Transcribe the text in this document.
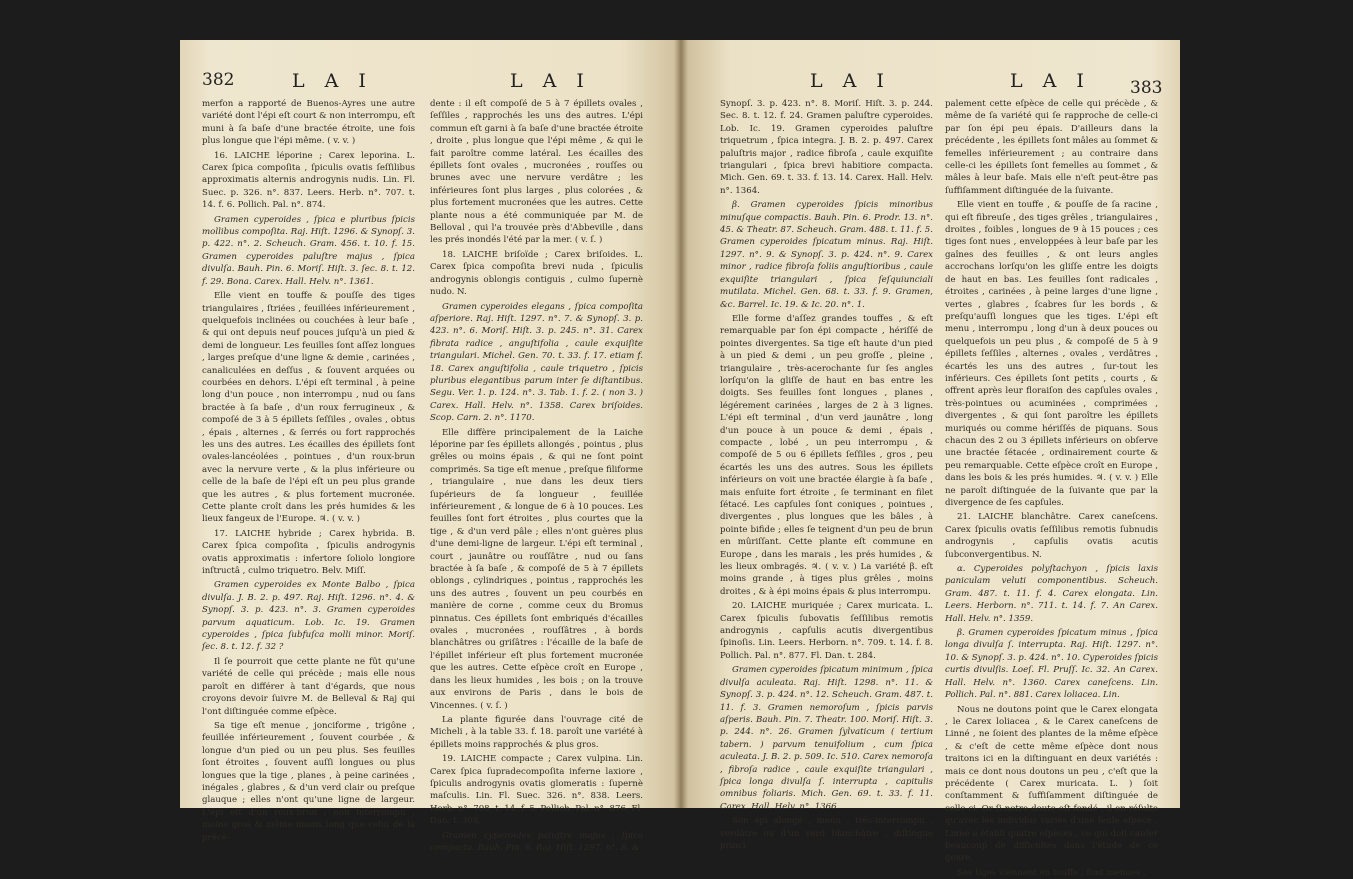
382	L A I	L A I

merfon a rapporté de Buenos-Ayres une autre variété dont l'épi eſt court & non interrompu, eſt muni à ſa baſe d'une bractée étroite, une fois plus longue que l'épi même. ( v. v. )

16. LAICHE léporine ; Carex leporina. L. Carex ſpica compoſita , ſpiculis ovatis ſeſſilibus approximatis alternis androgynis nudis. Lin. Fl. Suec. p. 326. n°. 837. Leers. Herb. n°. 707. t. 14. f. 6. Pollich. Pal. n°. 874.

Gramen cyperoides , ſpica e pluribus ſpicis mollibus compoſita. Raj. Hiſt. 1296. & Synopſ. 3. p. 422. n°. 2. Scheuch. Gram. 456. t. 10. f. 15. Gramen cyperoides paluſtre majus , ſpica divulſa. Bauh. Pin. 6. Moriſ. Hiſt. 3. ſec. 8. t. 12. f. 29. Bona. Carex. Hall. Helv. n°. 1361.

Elle vient en touffe & pouſſe des tiges triangulaires , ſtriées , feuillées inférieurement , quelquefois inclinées ou couchées à leur baſe , & qui ont depuis neuf pouces juſqu'à un pied & demi de longueur. Les feuilles ſont aſſez longues , larges preſque d'une ligne & demie , carinées , canaliculées en deſſus , & ſouvent arquées ou courbées en dehors. L'épi eſt terminal , à peine long d'un pouce , non interrompu , nud ou ſans bractée à ſa baſe , d'un roux ferrugineux , & compoſé de 3 à 5 épillets ſeſſiles , ovales , obtus , épais , alternes , & ſerrés ou fort rapprochés les uns des autres. Les écailles des épillets ſont ovales-lancéolées , pointues , d'un roux-brun avec la nervure verte , & la plus inférieure ou celle de la baſe de l'épi eſt un peu plus grande que les autres , & plus fortement mucronée. Cette plante croît dans les prés humides & les lieux fangeux de l'Europe. ♃. ( v. v. )

17. LAICHE hybride ; Carex hybrida. B. Carex ſpica compoſita , ſpiculis androgynis ovatis approximatis : infertore ſoliolo longiore inſtructâ , culmo triquetro. Belv. Miſſ.

Gramen cyperoides ex Monte Balbo , ſpica divulſa. J. B. 2. p. 497. Raj. Hiſt. 1296. n°. 4. & Synopſ. 3. p. 423. n°. 3. Gramen cyperoides parvum aquaticum. Lob. Ic. 19. Gramen cyperoides , ſpica ſubfuſca molli minor. Moriſ. ſec. 8. t. 12. f. 32 ?

Il ſe pourroit que cette plante ne fût qu'une variété de celle qui précède ; mais elle nous paroît en différer à tant d'égards, que nous croyons devoir ſuivre M. de Belleval & Raj qui l'ont diſtinguée comme eſpèce.

Sa tige eſt menue , jonciforme , trigône , feuillée inférieurement , ſouvent courbée , & longue d'un pied ou un peu plus. Ses feuilles ſont étroites , ſouvent auſſi longues ou plus longues que la tige , planes , à peine carinées , inégales , glabres , & d'un verd clair ou preſque glauque ; elles n'ont qu'une ligne de largeur. L'épi eſt d'un roux-brun , non interrompu , moins gros & même moins long que celui de la précé-

dente : il eſt compoſé de 5 à 7 épillets ovales , ſeſſiles , rapprochés les uns des autres. L'épi commun eſt garni à ſa baſe d'une bractée étroite , droite , plus longue que l'épi même , & qui le fait paroître comme latéral. Les écailles des épillets ſont ovales , mucronées , rouſſes ou brunes avec une nervure verdâtre ; les inférieures ſont plus larges , plus colorées , & plus fortement mucronées que les autres. Cette plante nous a été communiquée par M. de Belloval , qui l'a trouvée près d'Abbeville , dans les prés inondés l'été par la mer. ( v. ſ. )

18. LAICHE briſoïde ; Carex briſoides. L. Carex ſpica compoſita brevi nuda , ſpiculis androgynis oblongis contiguis , culmo ſupernè nudo. N.

Gramen cyperoides elegans , ſpica compoſita aſperiore. Raj. Hiſt. 1297. n°. 7. & Synopſ. 3. p. 423. n°. 6. Moriſ. Hiſt. 3. p. 245. n°. 31. Carex fibrata radice , anguſtifolia , caule exquiſite triangulari. Michel. Gen. 70. t. 33. f. 17. etiam f. 18. Carex anguſtifolia , caule triquetro , ſpicis pluribus elegantibus parum inter ſe diſtantibus. Segu. Ver. 1. p. 124. n°. 3. Tab. 1. f. 2. ( non 3. ) Carex. Hall. Helv. n°. 1358. Carex briſoides. Scop. Carn. 2. n°. 1170.

Elle diffère principalement de la Laiche léporine par ſes épillets allongés , pointus , plus grêles ou moins épais , & qui ne ſont point comprimés. Sa tige eſt menue , preſque filiforme , triangulaire , nue dans les deux tiers ſupérieurs de ſa longueur , feuillée inférieurement , & longue de 6 à 10 pouces. Les feuilles ſont fort étroites , plus courtes que la tige , & d'un verd pâle ; elles n'ont guères plus d'une demi-ligne de largeur. L'épi eſt terminal , court , jaunâtre ou rouſſâtre , nud ou ſans bractée à ſa baſe , & compoſé de 5 à 7 épillets oblongs , cylindriques , pointus , rapprochés les uns des autres , ſouvent un peu courbés en manière de corne , comme ceux du Bromus pinnatus. Ces épillets ſont embriqués d'écailles ovales , mucronées , rouſſâtres , à bords blanchâtres ou griſâtres : l'écaille de la baſe de l'épillet inférieur eſt plus fortement mucronée que les autres. Cette eſpèce croît en Europe , dans les lieux humides , les bois ; on la trouve aux environs de Paris , dans le bois de Vincennes. ( v. ſ. )

La plante figurée dans l'ouvrage cité de Micheli , à la table 33. f. 18. paroît une variété à épillets moins rapprochés & plus gros.

19. LAICHE compacte ; Carex vulpina. Lin. Carex ſpica ſupradecompoſita inferne laxiore , ſpiculis androgynis ovatis glomeratis : ſupernè maſculis. Lin. Fl. Suec. 326. n°. 838. Leers. Herb. n°. 708. t. 14. f. 5. Pollich. Pal. n°. 876. Fl. Dan. t. 308.

Gramen cyperoides paluſtre majus , ſpica compacta. Bauh. Pin. 6. Raj. Hiſt. 1297. n°. 8. &

L A I	L A I 383

Synopſ. 3. p. 423. n°. 8. Moriſ. Hiſt. 3. p. 244. Sec. 8. t. 12. f. 24. Gramen paluſtre cyperoides. Lob. Ic. 19. Gramen cyperoides paluſtre triquetrum , ſpica integra. J. B. 2. p. 497. Carex paluſtris major , radice fibroſa , caule exquiſite triangulari , ſpica brevi habitiore compacta. Mich. Gen. 69. t. 33. f. 13. 14. Carex. Hall. Helv. n°. 1364.

β. Gramen cyperoides ſpicis minoribus minuſque compactis. Bauh. Pin. 6. Prodr. 13. n°. 45. & Theatr. 87. Scheuch. Gram. 488. t. 11. f. 5. Gramen cyperoides ſpicatum minus. Raj. Hiſt. 1297. n°. 9. & Synopſ. 3. p. 424. n°. 9. Carex minor , radice fibroſa foliis anguſtioribus , caule exquiſite triangulari , ſpica ſeſquiunciali mutilata. Michel. Gen. 68. t. 33. f. 9. Gramen, &c. Barrel. Ic. 19. & Ic. 20. n°. 1.

Elle forme d'aſſez grandes touffes , & eſt remarquable par ſon épi compacte , hériſſé de pointes divergentes. Sa tige eſt haute d'un pied à un pied & demi , un peu groſſe , pleine , triangulaire , très-acerochante ſur ſes angles lorſqu'on la gliſſe de haut en bas entre les doigts. Ses feuilles ſont longues , planes , légérement carinées , larges de 2 à 3 lignes. L'épi eſt terminal , d'un verd jaunâtre , long d'un pouce à un pouce & demi , épais , compacte , lobé , un peu interrompu , & compoſé de 5 ou 6 épillets ſeſſiles , gros , peu écartés les uns des autres. Sous les épillets inférieurs on voit une bractée élargie à ſa baſe , mais enſuite fort étroite , ſe terminant en filet ſétacé. Les capſules ſont coniques , pointues , divergentes , plus longues que les bâles , à pointe bifide ; elles ſe teignent d'un peu de brun en mûriſſant. Cette plante eſt commune en Europe , dans les marais , les prés humides , & les lieux ombragés. ♃. ( v. v. ) La variété β. eſt moins grande , à tiges plus grêles , moins droites , & à épi moins épais & plus interrompu.

20. LAICHE muriquée ; Carex muricata. L. Carex ſpiculis ſubovatis ſeſſilibus remotis androgynis , capſulis acutis divergentibus ſpinoſis. Lin. Leers. Herborn. n°. 709. t. 14. f. 8. Pollich. Pal. n°. 877. Fl. Dan. t. 284.

Gramen cyperoides ſpicatum minimum , ſpica divulſa aculeata. Raj. Hiſt. 1298. n°. 11. & Synopſ. 3. p. 424. n°. 12. Scheuch. Gram. 487. t. 11. f. 3. Gramen nemoroſum , ſpicis parvis aſperis. Bauh. Pin. 7. Theatr. 100. Moriſ. Hiſt. 3. p. 244. n°. 26. Gramen ſylvaticum ( tertium tabern. ) parvum tenuifolium , cum ſpica aculeata. J. B. 2. p. 509. Ic. 510. Carex nemoroſa , fibroſa radice , caule exquiſite triangulari , ſpica longa divulſa ſ. interrupta , capitulis omnibus foliaris. Mich. Gen. 69. t. 33. f. 11. Carex. Hall. Helv. n°. 1366.

Son épi alongé , menu , très-interrompu , verdâtre ou d'un verd blanchâtre , diſtingue princi-

palement cette eſpèce de celle qui précède , & même de ſa variété qui ſe rapproche de celle-ci par ſon épi peu épais. D'ailleurs dans la précédente , les épillets ſont mâles au ſommet & femelles inférieurement ; au contraire dans celle-ci les épillets ſont femelles au ſommet , & mâles à leur baſe. Mais elle n'eſt peut-être pas ſuffiſamment diſtinguée de la ſuivante.

Elle vient en touffe , & pouſſe de ſa racine , qui eſt fibreuſe , des tiges grêles , triangulaires , droites , foibles , longues de 9 à 15 pouces ; ces tiges ſont nues , enveloppées à leur baſe par les gaînes des feuilles , & ont leurs angles accrochans lorſqu'on les gliſſe entre les doigts de haut en bas. Les feuilles ſont radicales , étroites , carinées , à peine larges d'une ligne , vertes , glabres , ſcabres ſur les bords , & preſqu'auſſi longues que les tiges. L'épi eſt menu , interrompu , long d'un à deux pouces ou quelquefois un peu plus , & compoſé de 5 à 9 épillets ſeſſiles , alternes , ovales , verdâtres , écartés les uns des autres , ſur-tout les inférieurs. Ces épillets ſont petits , courts , & offrent après leur floraiſon des capſules ovales , très-pointues ou acuminées , comprimées , divergentes , & qui ſont paroître les épillets muriqués ou comme hériſſés de piquans. Sous chacun des 2 ou 3 épillets inférieurs on obſerve une bractée ſétacée , ordinairement courte & peu remarquable. Cette eſpèce croît en Europe , dans les bois & les prés humides. ♃. ( v. v. ) Elle ne paroît diſtinguée de la ſuivante que par la divergence de ſes capſules.

21. LAICHE blanchâtre. Carex caneſcens. Carex ſpiculis ovatis ſeſſilibus remotis ſubnudis androgynis , capſulis ovatis acutis ſubconvergentibus. N.

α. Cyperoides polyſtachyon , ſpicis laxis paniculam veluti componentibus. Scheuch. Gram. 487. t. 11. f. 4. Carex elongata. Lin. Leers. Herborn. n°. 711. t. 14. f. 7. An Carex. Hall. Helv. n°. 1359.

β. Gramen cyperoides ſpicatum minus , ſpica longa divulſa ſ. interrupta. Raj. Hiſt. 1297. n°. 10. & Synopſ. 3. p. 424. n°. 10. Cyperoides ſpicis curtis divulſis. Loeſ. Fl. Pruſſ. Ic. 32. An Carex. Hall. Helv. n°. 1360. Carex caneſcens. Lin. Pollich. Pal. n°. 881. Carex loliacea. Lin.

Nous ne doutons point que le Carex elongata , le Carex loliacea , & le Carex caneſcens de Linné , ne ſoient des plantes de la même eſpèce , & c'eſt de cette même eſpèce dont nous traitons ici en la diſtinguant en deux variétés : mais ce dont nous doutons un peu , c'eſt que la précédente ( Carex muricata. L. ) ſoit conſtamment & ſuffiſamment diſtinguée de celle-ci. Or ſi notre doute eſt fondé , il en réſulte qu'avec les individus variés d'une ſeule eſpèce , Linné a établi quatre eſpèces , ce qui doit cauſer beaucoup de difficultés dans l'étude de ce genre.

Ses tiges viennent en touffe , font menues ,
